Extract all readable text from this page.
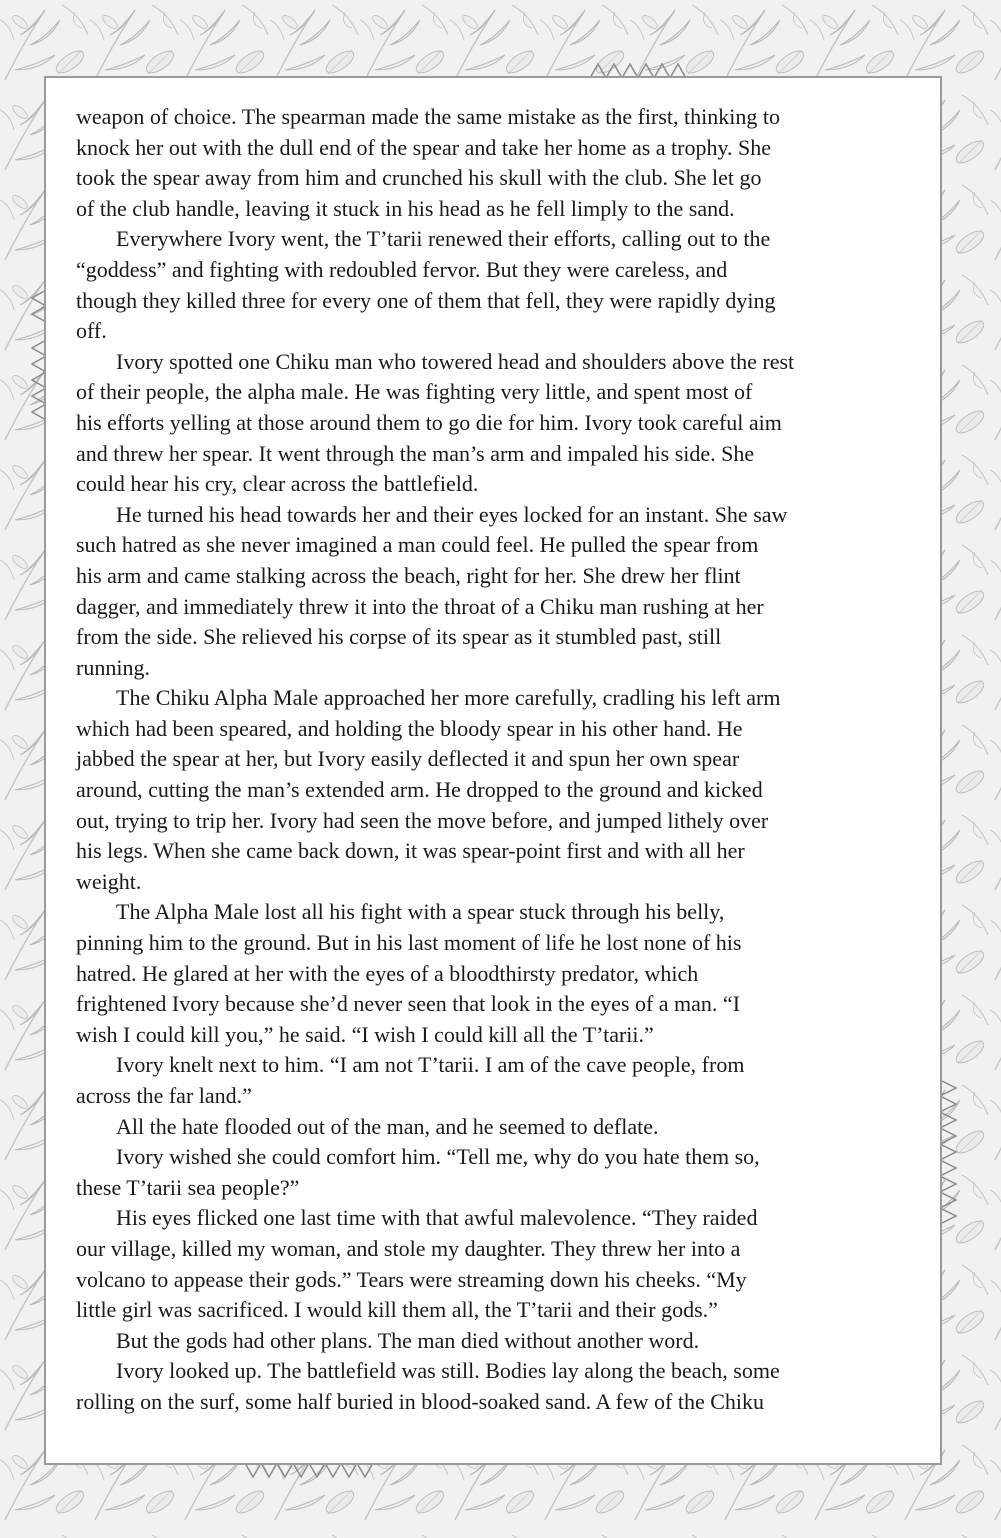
weapon of choice. The spearman made the same mistake as the first, thinking to
knock her out with the dull end of the spear and take her home as a trophy. She
took the spear away from him and crunched his skull with the club. She let go
of the club handle, leaving it stuck in his head as he fell limply to the sand.

Everywhere Ivory went, the T’tarii renewed their efforts, calling out to the
“goddess” and fighting with redoubled fervor. But they were careless, and
though they killed three for every one of them that fell, they were rapidly dying
off.

Ivory spotted one Chiku man who towered head and shoulders above the rest
of their people, the alpha male. He was fighting very little, and spent most of
his efforts yelling at those around them to go die for him. Ivory took careful aim
and threw her spear. It went through the man’s arm and impaled his side. She
could hear his cry, clear across the battlefield.

He turned his head towards her and their eyes locked for an instant. She saw
such hatred as she never imagined a man could feel. He pulled the spear from
his arm and came stalking across the beach, right for her. She drew her flint
dagger, and immediately threw it into the throat of a Chiku man rushing at her
from the side. She relieved his corpse of its spear as it stumbled past, still
running.

The Chiku Alpha Male approached her more carefully, cradling his left arm
which had been speared, and holding the bloody spear in his other hand. He
jabbed the spear at her, but Ivory easily deflected it and spun her own spear
around, cutting the man’s extended arm. He dropped to the ground and kicked
out, trying to trip her. Ivory had seen the move before, and jumped lithely over
his legs. When she came back down, it was spear-point first and with all her
weight.

The Alpha Male lost all his fight with a spear stuck through his belly,
pinning him to the ground. But in his last moment of life he lost none of his
hatred. He glared at her with the eyes of a bloodthirsty predator, which
frightened Ivory because she’d never seen that look in the eyes of a man. “I
wish I could kill you,” he said. “I wish I could kill all the T’tarii.”

Ivory knelt next to him. “I am not T’tarii. I am of the cave people, from
across the far land.”

All the hate flooded out of the man, and he seemed to deflate.

Ivory wished she could comfort him. “Tell me, why do you hate them so,
these T’tarii sea people?”

His eyes flicked one last time with that awful malevolence. “They raided
our village, killed my woman, and stole my daughter. They threw her into a
volcano to appease their gods.” Tears were streaming down his cheeks. “My
little girl was sacrificed. I would kill them all, the T’tarii and their gods.”

But the gods had other plans. The man died without another word.

Ivory looked up. The battlefield was still. Bodies lay along the beach, some
rolling on the surf, some half buried in blood-soaked sand. A few of the Chiku
